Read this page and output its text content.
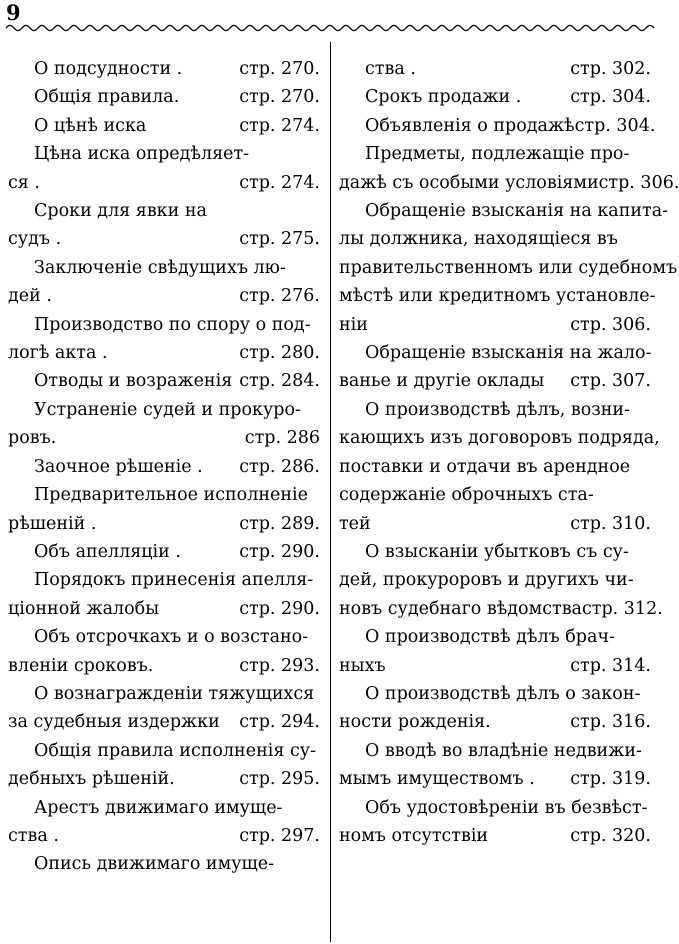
9
О подсудности .	стр. 270.
Общiя правила.	стр. 270.
О цѣнѣ иска	стр. 274.
Цѣна иска опредѣляет-
ся .	стр. 274.
Сроки для явки на
судъ .	стр. 275.
Заключенiе свѣдущихъ лю-
дей .	стр. 276.
Производство по спору о под-
логѣ акта .	стр. 280.
Отводы и возраженiя стр. 284.
Устраненiе судей и прокуро-
ровъ.	стр. 286
Заочное рѣшенiе . стр. 286.
Предварительное исполненiе
рѣшенiй .	стр. 289.
Объ апелляцiи .	стр. 290.
Порядокъ принесенiя апелля-
цiонной жалобы	стр. 290.
Объ отсрочкахъ и о возстано-
вленiи сроковъ.	стр. 293.
О вознагражденiи тяжущихся
за судебныя издержки стр. 294.
Общiя правила исполненiя су-
дебныхъ рѣшенiй.	стр. 295.
Арестъ движимаго имуще-
ства .	стр. 297.
Опись движимаго имуще-
ства .	стр. 302.
Срокъ продажи .	стр. 304.
Объявленiя о продажѣ стр. 304.
Предметы, подлежащiе про-
дажѣ съ особыми условiями стр. 306.
Обращенiе взысканiя на капита-
лы должника, находящiеся въ
правительственномъ или судебномъ
мѣстѣ или кредитномъ установле-
нiи	стр. 306.
Обращенiе взысканiя на жало-
ванье и другiе оклады стр. 307.
О производствѣ дѣлъ, возни-
кающихъ изъ договоровъ подряда,
поставки и отдачи въ арендное
содержанiе оброчныхъ ста-
тей	стр. 310.
О взысканiи убытковъ съ су-
дей, прокуроровъ и другихъ чи-
новъ судебнаго вѣдомства стр. 312.
О производствѣ дѣлъ брач-
ныхъ	стр. 314.
О производствѣ дѣлъ о закон-
ности рожденiя.	стр. 316.
О вводѣ во владѣнiе недвижи-
мымъ имуществомъ . стр. 319.
Объ удостовѣренiи въ безвѣст-
номъ отсутствiи	стр. 320.
